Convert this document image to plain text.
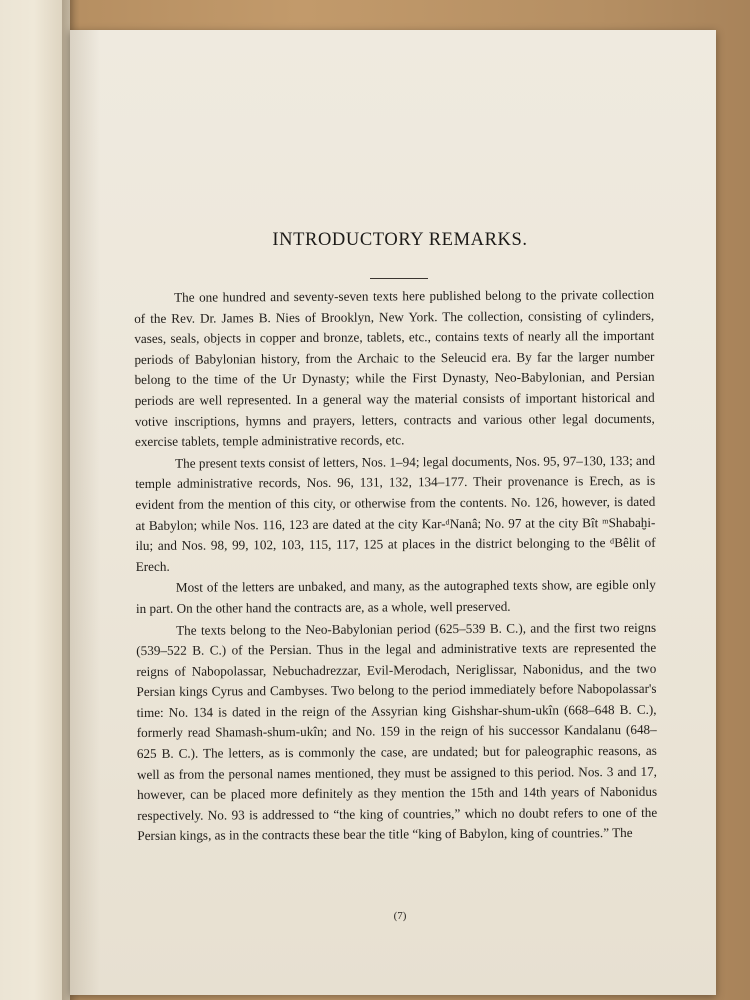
INTRODUCTORY REMARKS.

The one hundred and seventy-seven texts here published belong to the private collection of the Rev. Dr. James B. Nies of Brooklyn, New York. The collection, consisting of cylinders, vases, seals, objects in copper and bronze, tablets, etc., contains texts of nearly all the important periods of Babylonian history, from the Archaic to the Seleucid era. By far the larger number belong to the time of the Ur Dynasty; while the First Dynasty, Neo-Babylonian, and Persian periods are well represented. In a general way the material consists of important historical and votive inscriptions, hymns and prayers, letters, contracts and various other legal documents, exercise tablets, temple administrative records, etc.

The present texts consist of letters, Nos. 1–94; legal documents, Nos. 95, 97–130, 133; and temple administrative records, Nos. 96, 131, 132, 134–177. Their provenance is Erech, as is evident from the mention of this city, or otherwise from the contents. No. 126, however, is dated at Babylon; while Nos. 116, 123 are dated at the city Kar-ᵈNanâ; No. 97 at the city Bît ᵐShabaḫi-ilu; and Nos. 98, 99, 102, 103, 115, 117, 125 at places in the district belonging to the ᵈBêlit of Erech.

Most of the letters are unbaked, and many, as the autographed texts show, are egible only in part. On the other hand the contracts are, as a whole, well preserved.

The texts belong to the Neo-Babylonian period (625–539 B. C.), and the first two reigns (539–522 B. C.) of the Persian. Thus in the legal and administrative texts are represented the reigns of Nabopolassar, Nebuchadrezzar, Evil-Merodach, Neriglissar, Nabonidus, and the two Persian kings Cyrus and Cambyses. Two belong to the period immediately before Nabopolassar's time: No. 134 is dated in the reign of the Assyrian king Gishshar-shum-ukîn (668–648 B. C.), formerly read Shamash-shum-ukîn; and No. 159 in the reign of his successor Kandalanu (648–625 B. C.). The letters, as is commonly the case, are undated; but for paleographic reasons, as well as from the personal names mentioned, they must be assigned to this period. Nos. 3 and 17, however, can be placed more definitely as they mention the 15th and 14th years of Nabonidus respectively. No. 93 is addressed to “the king of countries,” which no doubt refers to one of the Persian kings, as in the contracts these bear the title “king of Babylon, king of countries.” The

(7)
